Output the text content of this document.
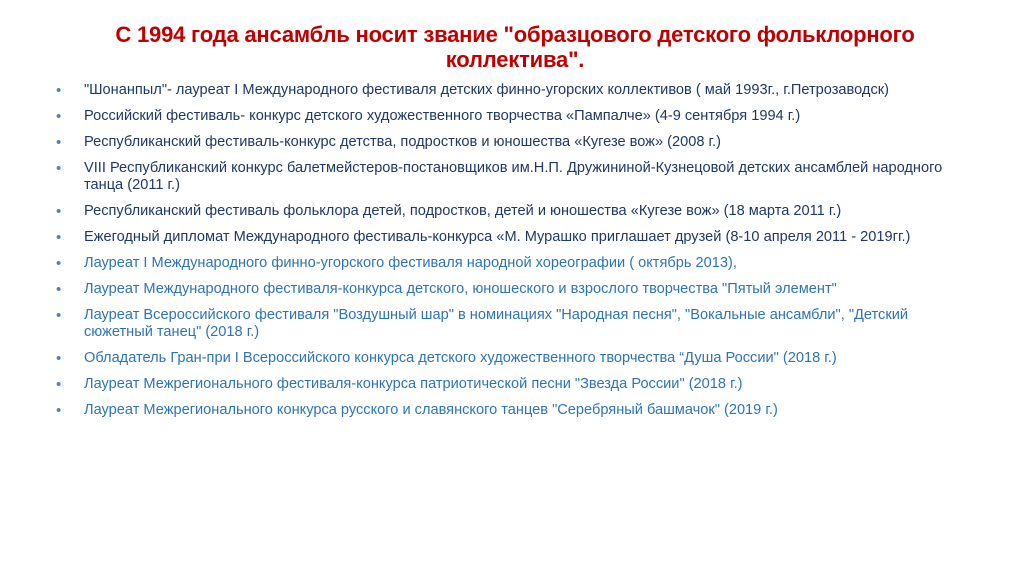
С 1994 года ансамбль носит звание "образцового детского фольклорного коллектива".
•	"Шонанпыл"- лауреат I Международного фестиваля детских финно-угорских коллективов ( май 1993г., г.Петрозаводск)
•	Российский фестиваль- конкурс детского художественного творчества «Пампалче» (4-9 сентября 1994 г.)
•	Республиканский фестиваль-конкурс детства, подростков и юношества «Кугезе вож» (2008 г.)
•	VIII Республиканский конкурс балетмейстеров-постановщиков им.Н.П. Дружининой-Кузнецовой детских ансамблей народного танца (2011 г.)
•	Республиканский фестиваль фольклора детей, подростков, детей и юношества «Кугезе вож» (18 марта 2011 г.)
•	Ежегодный дипломат Международного фестиваль-конкурса «М. Мурашко приглашает друзей (8-10 апреля 2011 - 2019гг.)
•	Лауреат I Международного финно-угорского фестиваля народной хореографии ( октябрь 2013),
•	Лауреат Международного фестиваля-конкурса детского, юношеского и взрослого творчества "Пятый элемент"
•	Лауреат Всероссийского фестиваля "Воздушный шар" в номинациях "Народная песня", "Вокальные ансамбли", "Детский сюжетный танец" (2018 г.)
•	Обладатель Гран-при I Всероссийского конкурса детского художественного творчества “Душа России" (2018 г.)
•	Лауреат Межрегионального фестиваля-конкурса патриотической песни "Звезда России" (2018 г.)
•	Лауреат Межрегионального конкурса русского и славянского танцев "Серебряный башмачок" (2019 г.)
